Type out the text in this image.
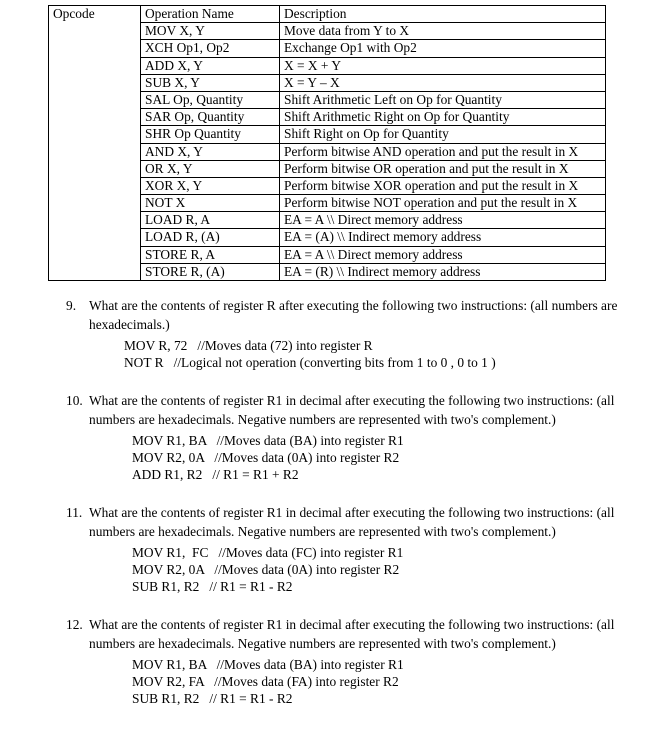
Opcode	Operation Name	Description
	MOV X, Y	Move data from Y to X
	XCH Op1, Op2	Exchange Op1 with Op2
	ADD X, Y	X = X + Y
	SUB X, Y	X = Y – X
	SAL Op, Quantity	Shift Arithmetic Left on Op for Quantity
	SAR Op, Quantity	Shift Arithmetic Right on Op for Quantity
	SHR Op Quantity	Shift Right on Op for Quantity
	AND X, Y	Perform bitwise AND operation and put the result in X
	OR X, Y	Perform bitwise OR operation and put the result in X
	XOR X, Y	Perform bitwise XOR operation and put the result in X
	NOT X	Perform bitwise NOT operation and put the result in X
	LOAD R, A	EA = A \\ Direct memory address
	LOAD R, (A)	EA = (A) \\ Indirect memory address
	STORE R, A	EA = A \\ Direct memory address
	STORE R, (A)	EA = (R) \\ Indirect memory address
9. What are the contents of register R after executing the following two instructions: (all numbers are hexadecimals.)
MOV R, 72   //Moves data (72) into register R
NOT R   //Logical not operation (converting bits from 1 to 0 , 0 to 1 )
10. What are the contents of register R1 in decimal after executing the following two instructions: (all numbers are hexadecimals. Negative numbers are represented with two's complement.)
MOV R1, BA   //Moves data (BA) into register R1
MOV R2, 0A   //Moves data (0A) into register R2
ADD R1, R2   // R1 = R1 + R2
11. What are the contents of register R1 in decimal after executing the following two instructions: (all numbers are hexadecimals. Negative numbers are represented with two's complement.)
MOV R1,  FC   //Moves data (FC) into register R1
MOV R2, 0A   //Moves data (0A) into register R2
SUB R1, R2   // R1 = R1 - R2
12. What are the contents of register R1 in decimal after executing the following two instructions: (all numbers are hexadecimals. Negative numbers are represented with two's complement.)
MOV R1, BA   //Moves data (BA) into register R1
MOV R2, FA   //Moves data (FA) into register R2
SUB R1, R2   // R1 = R1 - R2
